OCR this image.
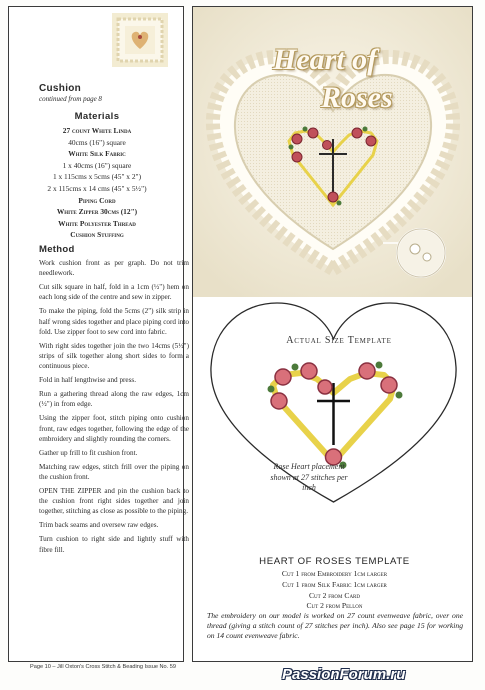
Cushion
continued from page 8
Materials
27 count White Linda
40cms (16") square
White Silk Fabric
1 x 40cms (16") square
1 x 115cms x 5cms (45" x 2")
2 x 115cms x 14 cms (45" x 5½")
Piping Cord
White Zipper 30cms (12")
White Polyester Thread
Cushion Stuffing
Method

Work cushion front as per graph. Do not trim needlework.

Cut silk square in half, fold in a 1cm (½") hem on each long side of the centre and sew in zipper.

To make the piping, fold the 5cms (2") silk strip in half wrong sides together and place piping cord into fold. Use zipper foot to sew cord into fabric.

With right sides together join the two 14cms (5½") strips of silk together along short sides to form a continuous piece.

Fold in half lengthwise and press.

Run a gathering thread along the raw edges, 1cm (½") in from edge.

Using the zipper foot, stitch piping onto cushion front, raw edges together, following the edge of the embroidery and slightly rounding the corners.

Gather up frill to fit cushion front.

Matching raw edges, stitch frill over the piping on the cushion front.

OPEN THE ZIPPER and pin the cushion back to the cushion front right sides together and join together, stitching as close as possible to the piping.

Trim back seams and oversew raw edges.

Turn cushion to right side and lightly stuff with fibre fill.

Heart of
Roses
Actual Size Template
Rose Heart placement shown at 27 stitches per inch
HEART OF ROSES TEMPLATE
Cut 1 from Embroidery 1cm larger
Cut 1 from Silk Fabric 1cm larger
Cut 2 from Card
Cut 2 from Pellon
The embroidery on our model is worked on 27 count evenweave fabric, over one thread (giving a stitch count of 27 stitches per inch). Also see page 15 for working on 14 count evenweave fabric.
Page 10 – Jill Oxton's Cross Stitch & Beading Issue No. 59	PassionForum.ru
